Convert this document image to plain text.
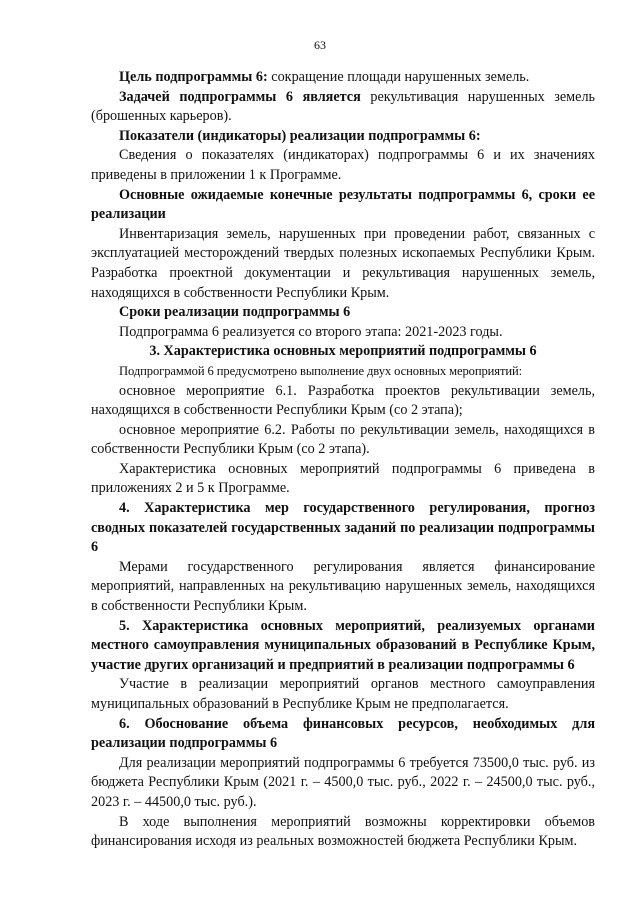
63

Цель подпрограммы 6: сокращение площади нарушенных земель.

Задачей подпрограммы 6 является рекультивация нарушенных земель (брошенных карьеров).

Показатели (индикаторы) реализации подпрограммы 6:

Сведения о показателях (индикаторах) подпрограммы 6 и их значениях приведены в приложении 1 к Программе.

Основные ожидаемые конечные результаты подпрограммы 6, сроки ее реализации

Инвентаризация земель, нарушенных при проведении работ, связанных с эксплуатацией месторождений твердых полезных ископаемых Республики Крым. Разработка проектной документации и рекультивация нарушенных земель, находящихся в собственности Республики Крым.

Сроки реализации подпрограммы 6

Подпрограмма 6 реализуется со второго этапа: 2021-2023 годы.

3. Характеристика основных мероприятий подпрограммы 6

Подпрограммой 6 предусмотрено выполнение двух основных мероприятий:

основное мероприятие 6.1. Разработка проектов рекультивации земель, находящихся в собственности Республики Крым (со 2 этапа);

основное мероприятие 6.2. Работы по рекультивации земель, находящихся в собственности Республики Крым (со 2 этапа).

Характеристика основных мероприятий подпрограммы 6 приведена в приложениях 2 и 5 к Программе.

4. Характеристика мер государственного регулирования, прогноз сводных показателей государственных заданий по реализации подпрограммы 6

Мерами государственного регулирования является финансирование мероприятий, направленных на рекультивацию нарушенных земель, находящихся в собственности Республики Крым.

5. Характеристика основных мероприятий, реализуемых органами местного самоуправления муниципальных образований в Республике Крым, участие других организаций и предприятий в реализации подпрограммы 6

Участие в реализации мероприятий органов местного самоуправления муниципальных образований в Республике Крым не предполагается.

6. Обоснование объема финансовых ресурсов, необходимых для реализации подпрограммы 6

Для реализации мероприятий подпрограммы 6 требуется 73500,0 тыс. руб. из бюджета Республики Крым (2021 г. – 4500,0 тыс. руб., 2022 г. – 24500,0 тыс. руб., 2023 г. – 44500,0 тыс. руб.).

В ходе выполнения мероприятий возможны корректировки объемов финансирования исходя из реальных возможностей бюджета Республики Крым.
